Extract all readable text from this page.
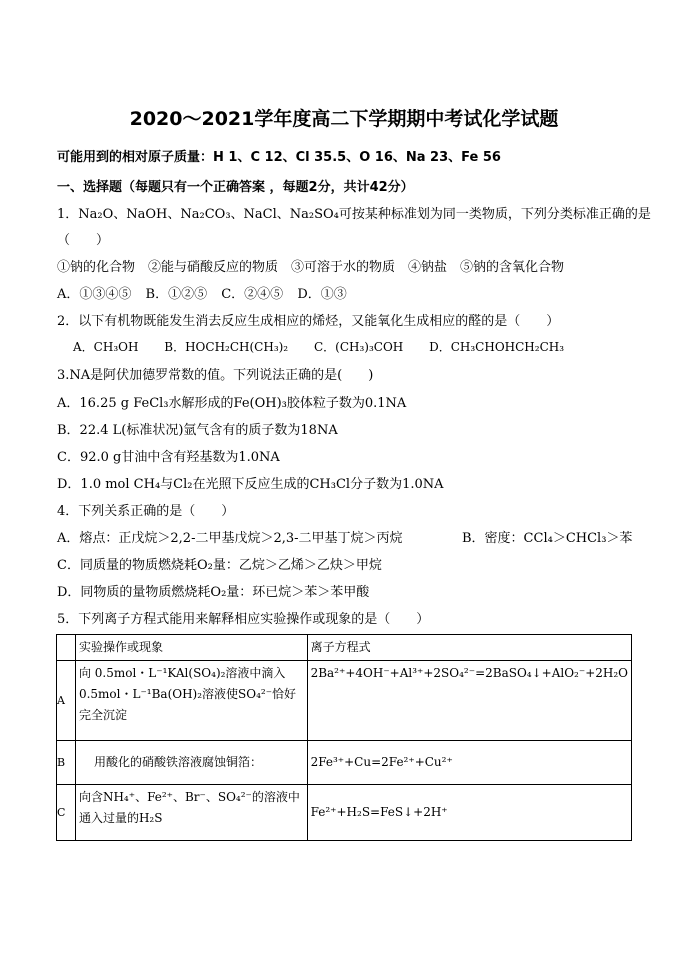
2020～2021学年度高二下学期期中考试化学试题
可能用到的相对原子质量：H 1、C 12、Cl 35.5、O 16、Na 23、Fe 56
一、选择题（每题只有一个正确答案 ，每题2分，共计42分）
1．Na₂O、NaOH、Na₂CO₃、NaCl、Na₂SO₄可按某种标准划为同一类物质，下列分类标准正确的是
（　　）
①钠的化合物　②能与硝酸反应的物质　③可溶于水的物质　④钠盐　⑤钠的含氧化合物
A．①③④⑤ B．①②⑤ C．②④⑤ D．①③
2．以下有机物既能发生消去反应生成相应的烯烃，又能氧化生成相应的醛的是（　　）
A．CH₃OH B．HOCH₂CH(CH₃)₂ C．(CH₃)₃COH D．CH₃CHOHCH₂CH₃
3.NA是阿伏加德罗常数的值。下列说法正确的是(　　)
A．16.25 g FeCl₃水解形成的Fe(OH)₃胶体粒子数为0.1NA
B．22.4 L(标准状况)氩气含有的质子数为18NA
C．92.0 g甘油中含有羟基数为1.0NA
D．1.0 mol CH₄与Cl₂在光照下反应生成的CH₃Cl分子数为1.0NA
4．下列关系正确的是（　　）
A．熔点：正戊烷＞2,2-二甲基戊烷＞2,3-二甲基丁烷＞丙烷	B．密度：CCl₄＞CHCl₃＞苯
C．同质量的物质燃烧耗O₂量：乙烷＞乙烯＞乙炔＞甲烷
D．同物质的量物质燃烧耗O₂量：环已烷＞苯＞苯甲酸
5．下列离子方程式能用来解释相应实验操作或现象的是（　　）
	实验操作或现象	离子方程式
A	向 0.5mol・L⁻¹KAl(SO₄)₂溶液中滴入0.5mol・L⁻¹Ba(OH)₂溶液使SO₄²⁻恰好完全沉淀	2Ba²⁺+4OH⁻+Al³⁺+2SO₄²⁻=2BaSO₄↓+AlO₂⁻+2H₂O
B	用酸化的硝酸铁溶液腐蚀铜箔：	2Fe³⁺+Cu=2Fe²⁺+Cu²⁺
C	向含NH₄⁺、Fe²⁺、Br⁻、SO₄²⁻的溶液中通入过量的H₂S	Fe²⁺+H₂S=FeS↓+2H⁺
